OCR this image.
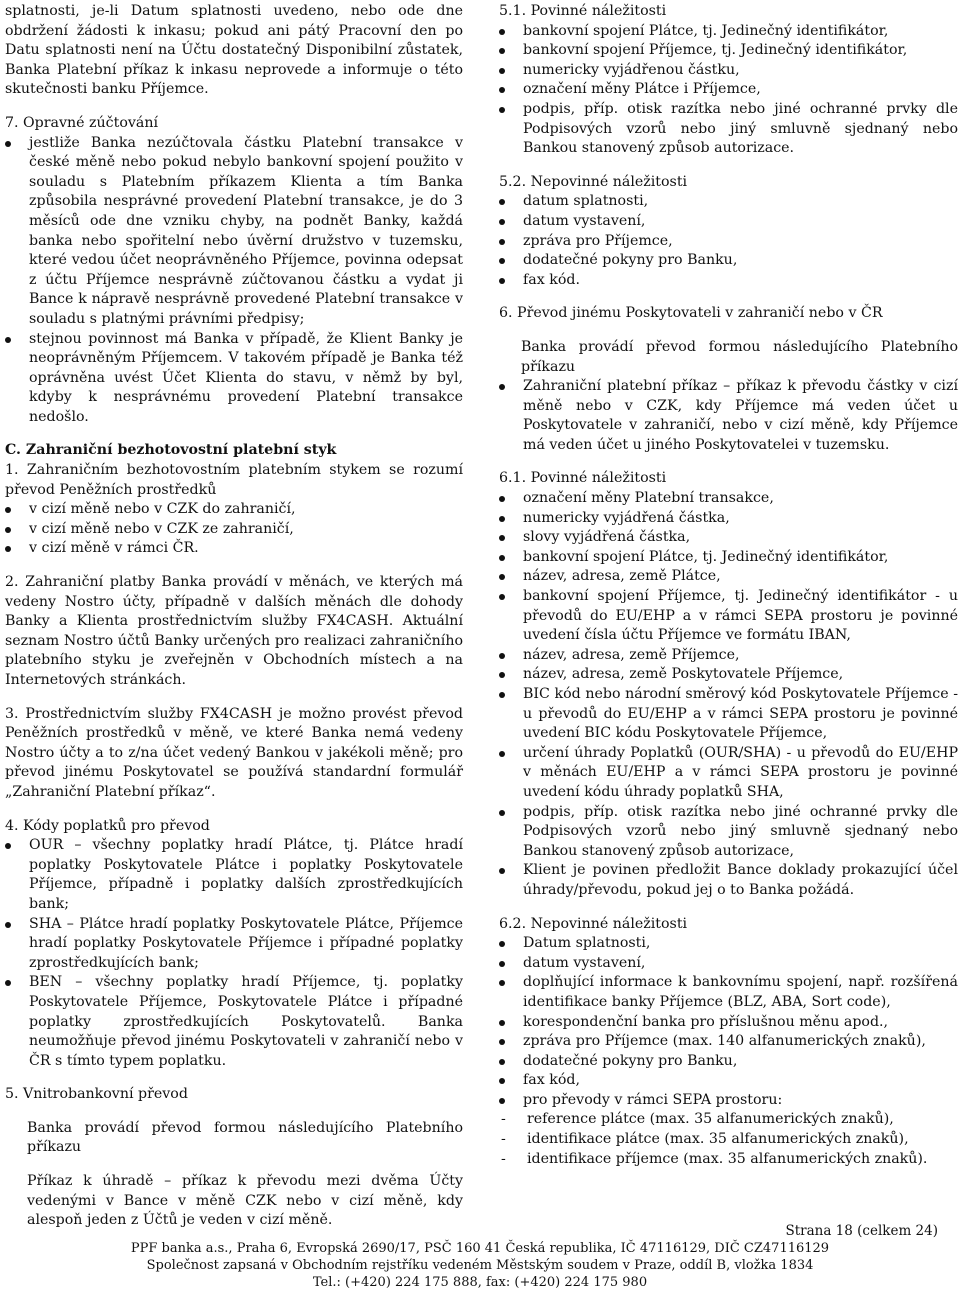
splatnosti, je-li Datum splatnosti uvedeno, nebo ode dne obdržení žádosti k inkasu; pokud ani pátý Pracovní den po Datu splatnosti není na Účtu dostatečný Disponibilní zůstatek, Banka Platební příkaz k inkasu neprovede a informuje o této skutečnosti banku Příjemce.

7. Opravné zúčtování

jestliže Banka nezúčtovala částku Platební transakce v české měně nebo pokud nebylo bankovní spojení použito v souladu s Platebním příkazem Klienta a tím Banka způsobila nesprávné provedení Platební transakce, je do 3 měsíců ode dne vzniku chyby, na podnět Banky, každá banka nebo spořitelní nebo úvěrní družstvo v tuzemsku, které vedou účet neoprávněného Příjemce, povinna odepsat z účtu Příjemce nesprávně zúčtovanou částku a vydat ji Bance k nápravě nesprávně provedené Platební transakce v souladu s platnými právními předpisy;
stejnou povinnost má Banka v případě, že Klient Banky je neoprávněným Příjemcem. V takovém případě je Banka též oprávněna uvést Účet Klienta do stavu, v němž by byl, kdyby k nesprávnému provedení Platební transakce nedošlo.

C. Zahraniční bezhotovostní platební styk

1. Zahraničním bezhotovostním platebním stykem se rozumí převod Peněžních prostředků

v cizí měně nebo v CZK do zahraničí,
v cizí měně nebo v CZK ze zahraničí,
v cizí měně v rámci ČR.

2. Zahraniční platby Banka provádí v měnách, ve kterých má vedeny Nostro účty, případně v dalších měnách dle dohody Banky a Klienta prostřednictvím služby FX4CASH. Aktuální seznam Nostro účtů Banky určených pro realizaci zahraničního platebního styku je zveřejněn v Obchodních místech a na Internetových stránkách.

3. Prostřednictvím služby FX4CASH je možno provést převod Peněžních prostředků v měně, ve které Banka nemá vedeny Nostro účty a to z/na účet vedený Bankou v jakékoli měně; pro převod jinému Poskytovatel se používá standardní formulář „Zahraniční Platební příkaz“.

4. Kódy poplatků pro převod

OUR – všechny poplatky hradí Plátce, tj. Plátce hradí poplatky Poskytovatele Plátce i poplatky Poskytovatele Příjemce, případně i poplatky dalších zprostředkujících bank;
SHA – Plátce hradí poplatky Poskytovatele Plátce, Příjemce hradí poplatky Poskytovatele Příjemce i případné poplatky zprostředkujících bank;
BEN – všechny poplatky hradí Příjemce, tj. poplatky Poskytovatele Příjemce, Poskytovatele Plátce i případné poplatky zprostředkujících Poskytovatelů. Banka neumožňuje převod jinému Poskytovateli v zahraničí nebo v ČR s tímto typem poplatku.

5. Vnitrobankovní převod

Banka provádí převod formou následujícího Platebního příkazu

Příkaz k úhradě – příkaz k převodu mezi dvěma Účty vedenými v Bance v měně CZK nebo v cizí měně, kdy alespoň jeden z Účtů je veden v cizí měně.

5.1. Povinné náležitosti

bankovní spojení Plátce, tj. Jedinečný identifikátor,
bankovní spojení Příjemce, tj. Jedinečný identifikátor,
numericky vyjádřenou částku,
označení měny Plátce i Příjemce,
podpis, příp. otisk razítka nebo jiné ochranné prvky dle Podpisových vzorů nebo jiný smluvně sjednaný nebo Bankou stanovený způsob autorizace.

5.2. Nepovinné náležitosti

datum splatnosti,
datum vystavení,
zpráva pro Příjemce,
dodatečné pokyny pro Banku,
fax kód.

6. Převod jinému Poskytovateli v zahraničí nebo v ČR

Banka provádí převod formou následujícího Platebního příkazu

Zahraniční platební příkaz – příkaz k převodu částky v cizí měně nebo v CZK, kdy Příjemce má veden účet u Poskytovatele v zahraničí, nebo v cizí měně, kdy Příjemce má veden účet u jiného Poskytovatelei v tuzemsku.

6.1. Povinné náležitosti

označení měny Platební transakce,
numericky vyjádřená částka,
slovy vyjádřená částka,
bankovní spojení Plátce, tj. Jedinečný identifikátor,
název, adresa, země Plátce,
bankovní spojení Příjemce, tj. Jedinečný identifikátor - u převodů do EU/EHP a v rámci SEPA prostoru je povinné uvedení čísla účtu Příjemce ve formátu IBAN,
název, adresa, země Příjemce,
název, adresa, země Poskytovatele Příjemce,
BIC kód nebo národní směrový kód Poskytovatele Příjemce - u převodů do EU/EHP a v rámci SEPA prostoru je povinné uvedení BIC kódu Poskytovatele Příjemce,
určení úhrady Poplatků (OUR/SHA) - u převodů do EU/EHP v měnách EU/EHP a v rámci SEPA prostoru je povinné uvedení kódu úhrady poplatků SHA,
podpis, příp. otisk razítka nebo jiné ochranné prvky dle Podpisových vzorů nebo jiný smluvně sjednaný nebo Bankou stanovený způsob autorizace,
Klient je povinen předložit Bance doklady prokazující účel úhrady/převodu, pokud jej o to Banka požádá.

6.2. Nepovinné náležitosti

Datum splatnosti,
datum vystavení,
doplňující informace k bankovnímu spojení, např. rozšířená identifikace banky Příjemce (BLZ, ABA, Sort code),
korespondenční banka pro příslušnou měnu apod.,
zpráva pro Příjemce (max. 140 alfanumerických znaků),
dodatečné pokyny pro Banku,
fax kód,
pro převody v rámci SEPA prostoru:
- reference plátce (max. 35 alfanumerických znaků),
- identifikace plátce (max. 35 alfanumerických znaků),
- identifikace příjemce (max. 35 alfanumerických znaků).
Strana 18 (celkem 24)
PPF banka a.s., Praha 6, Evropská 2690/17, PSČ 160 41 Česká republika, IČ 47116129, DIČ CZ47116129
Společnost zapsaná v Obchodním rejstříku vedeném Městským soudem v Praze, oddíl B, vložka 1834
Tel.: (+420) 224 175 888, fax: (+420) 224 175 980
